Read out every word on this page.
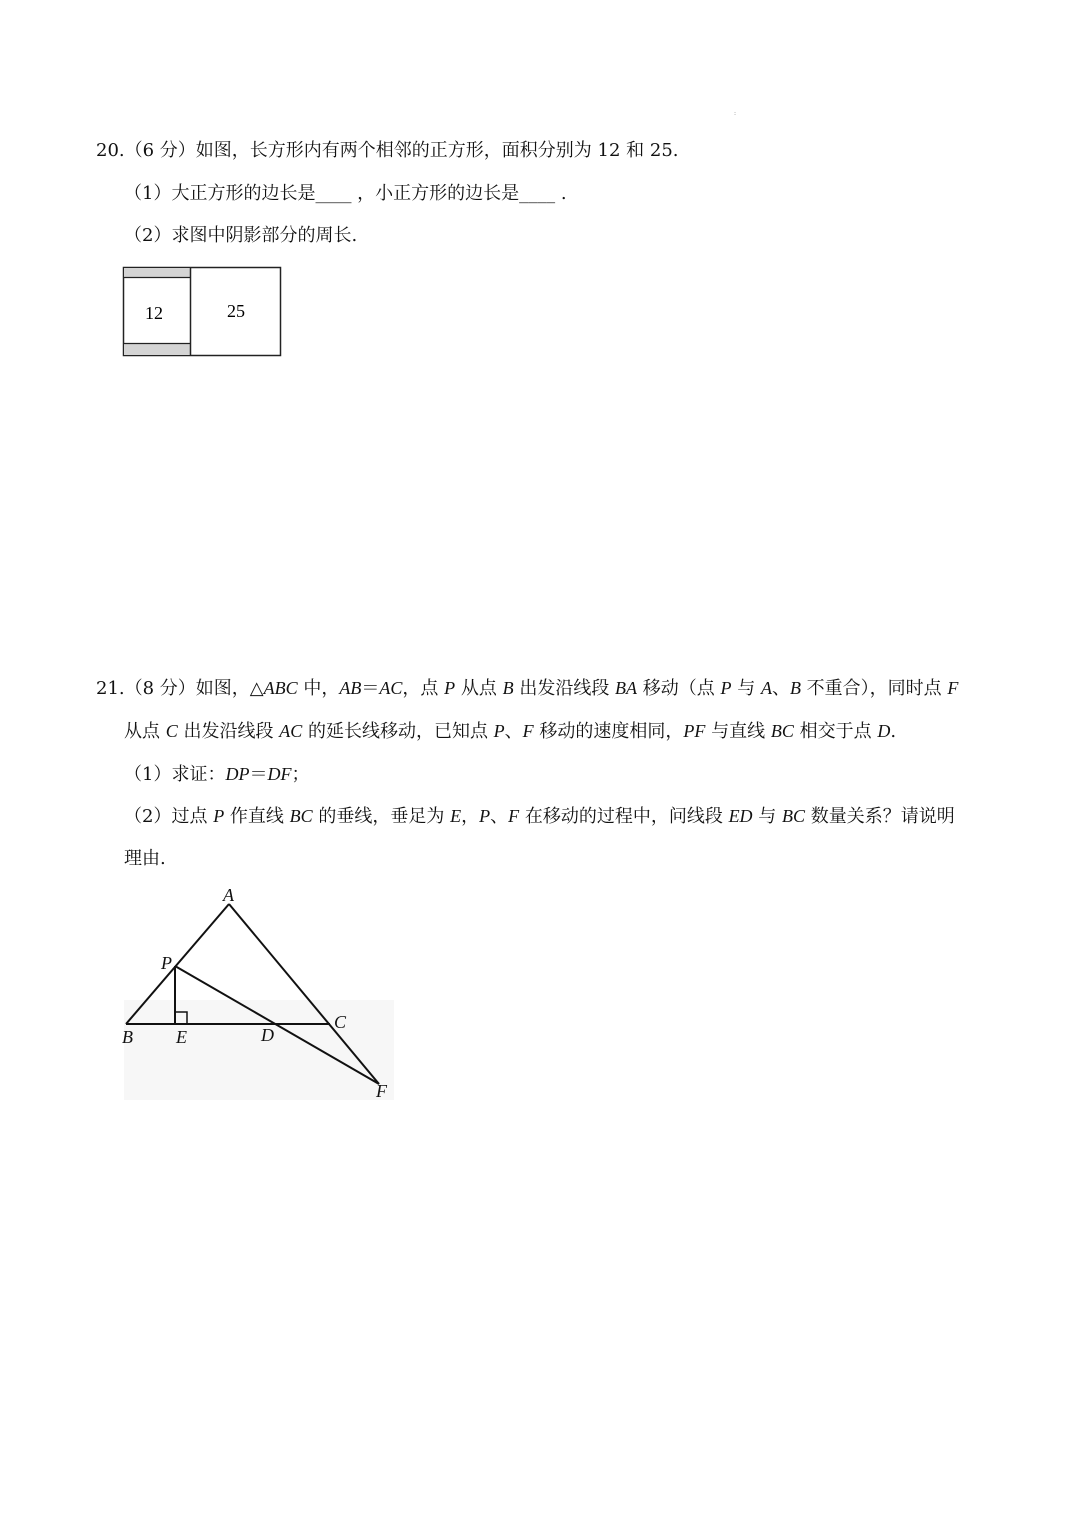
:
20.（6 分）如图，长方形内有两个相邻的正方形，面积分别为 12 和 25.
（1）大正方形的边长是____ ，小正方形的边长是____ .
（2）求图中阴影部分的周长.
12	25
21.（8 分）如图，△ABC 中，AB＝AC，点 P 从点 B 出发沿线段 BA 移动（点 P 与 A、B 不重合），同时点 F
从点 C 出发沿线段 AC 的延长线移动，已知点 P、F 移动的速度相同，PF 与直线 BC 相交于点 D.
（1）求证：DP＝DF；
（2）过点 P 作直线 BC 的垂线，垂足为 E，P、F 在移动的过程中，问线段 ED 与 BC 数量关系？请说明
理由.
A
P
B E	D
C
F
